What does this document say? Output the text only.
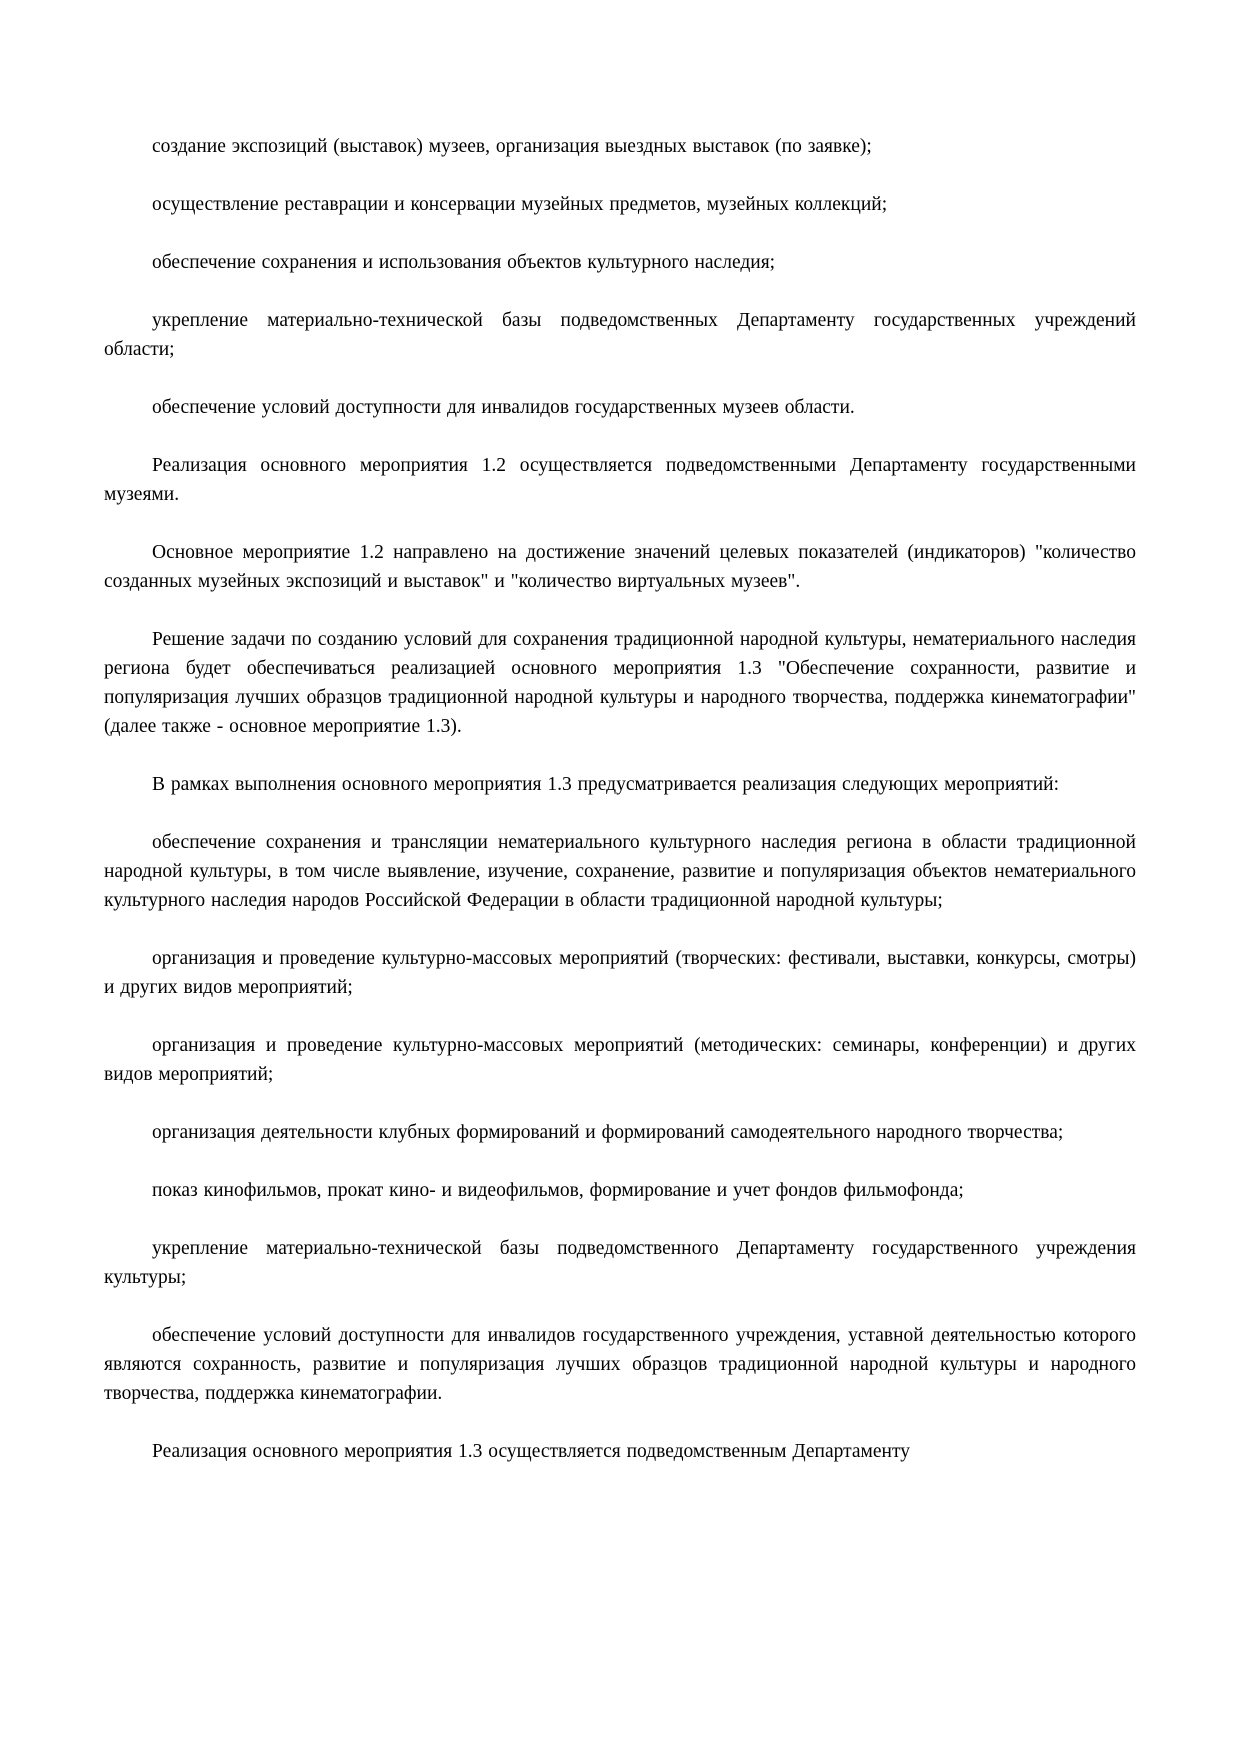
создание экспозиций (выставок) музеев, организация выездных выставок (по заявке);

осуществление реставрации и консервации музейных предметов, музейных коллекций;

обеспечение сохранения и использования объектов культурного наследия;

укрепление материально-технической базы подведомственных Департаменту государственных учреждений области;

обеспечение условий доступности для инвалидов государственных музеев области.

Реализация основного мероприятия 1.2 осуществляется подведомственными Департаменту государственными музеями.

Основное мероприятие 1.2 направлено на достижение значений целевых показателей (индикаторов) "количество созданных музейных экспозиций и выставок" и "количество виртуальных музеев".

Решение задачи по созданию условий для сохранения традиционной народной культуры, нематериального наследия региона будет обеспечиваться реализацией основного мероприятия 1.3 "Обеспечение сохранности, развитие и популяризация лучших образцов традиционной народной культуры и народного творчества, поддержка кинематографии" (далее также - основное мероприятие 1.3).

В рамках выполнения основного мероприятия 1.3 предусматривается реализация следующих мероприятий:

обеспечение сохранения и трансляции нематериального культурного наследия региона в области традиционной народной культуры, в том числе выявление, изучение, сохранение, развитие и популяризация объектов нематериального культурного наследия народов Российской Федерации в области традиционной народной культуры;

организация и проведение культурно-массовых мероприятий (творческих: фестивали, выставки, конкурсы, смотры) и других видов мероприятий;

организация и проведение культурно-массовых мероприятий (методических: семинары, конференции) и других видов мероприятий;

организация деятельности клубных формирований и формирований самодеятельного народного творчества;

показ кинофильмов, прокат кино- и видеофильмов, формирование и учет фондов фильмофонда;

укрепление материально-технической базы подведомственного Департаменту государственного учреждения культуры;

обеспечение условий доступности для инвалидов государственного учреждения, уставной деятельностью которого являются сохранность, развитие и популяризация лучших образцов традиционной народной культуры и народного творчества, поддержка кинематографии.

Реализация основного мероприятия 1.3 осуществляется подведомственным Департаменту
